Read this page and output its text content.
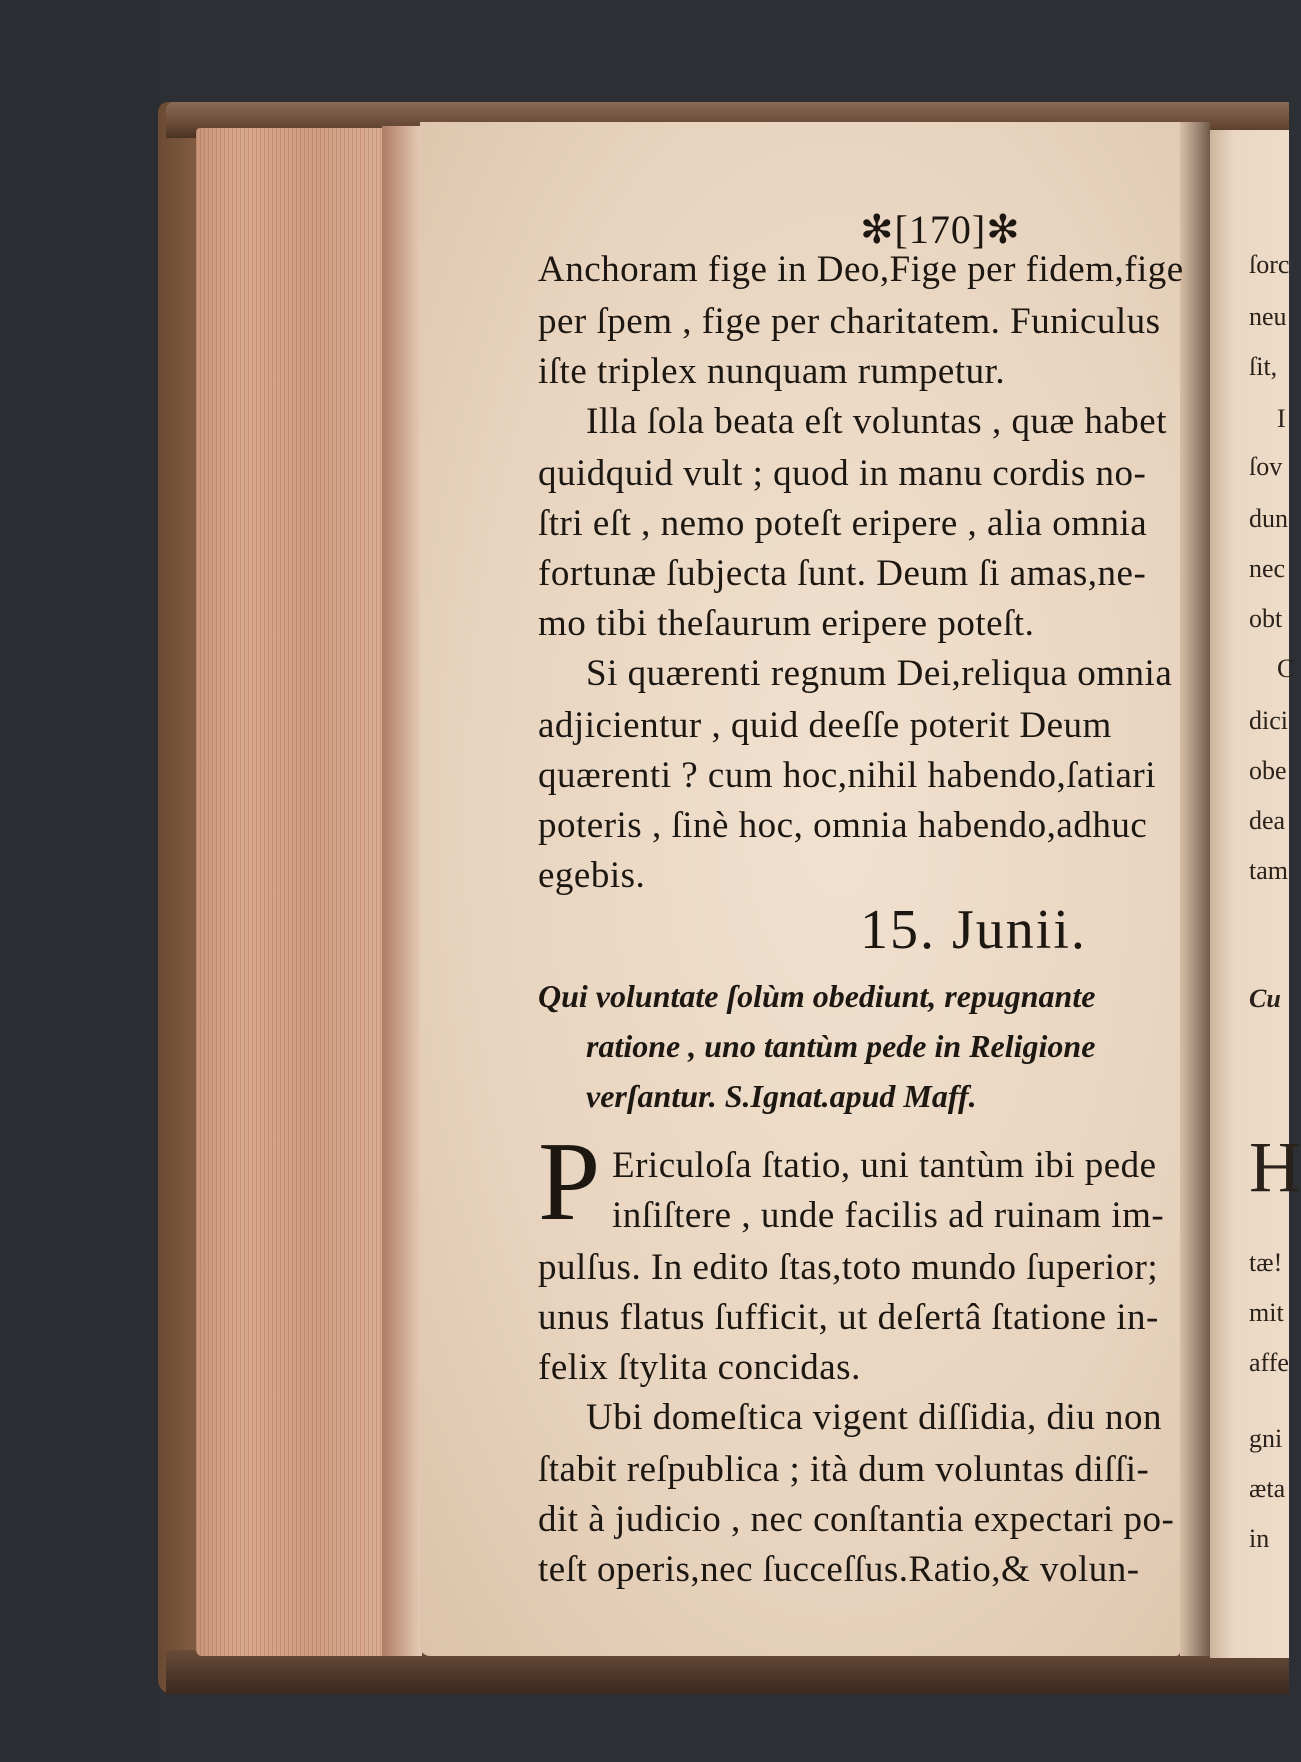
✻[170]✻
Anchoram fige in Deo,Fige per fidem,fige
per ſpem , fige per charitatem. Funiculus
iſte triplex nunquam rumpetur.
Illa ſola beata eſt voluntas , quæ habet
quidquid vult ; quod in manu cordis no-
ſtri eſt , nemo poteſt eripere , alia omnia
fortunæ ſubjecta ſunt. Deum ſi amas,ne-
mo tibi theſaurum eripere poteſt.
Si quærenti regnum Dei,reliqua omnia
adjicientur , quid deeſſe poterit Deum
quærenti ? cum hoc,nihil habendo,ſatiari
poteris , ſinè hoc, omnia habendo,adhuc
egebis.
15. Junii.
Qui voluntate ſolùm obediunt, repugnante
ratione , uno tantùm pede in Religione
verſantur. S.Ignat.apud Maff.
P Ericuloſa ſtatio, uni tantùm ibi pede
inſiſtere , unde facilis ad ruinam im-
pulſus. In edito ſtas,toto mundo ſuperior;
unus flatus ſufficit, ut deſertâ ſtatione in-
felix ſtylita concidas.
Ubi domeſtica vigent diſſidia, diu non
ſtabit reſpublica ; ità dum voluntas diſſi-
dit à judicio , nec conſtantia expectari po-
teſt operis,nec ſucceſſus.Ratio,& volun-
ſorc
neu
ſit,
I
ſov
dun
nec
obt
C
dici
obe
dea
tam
Cu
H
tæ!
mit
affe
gni
æta
in
